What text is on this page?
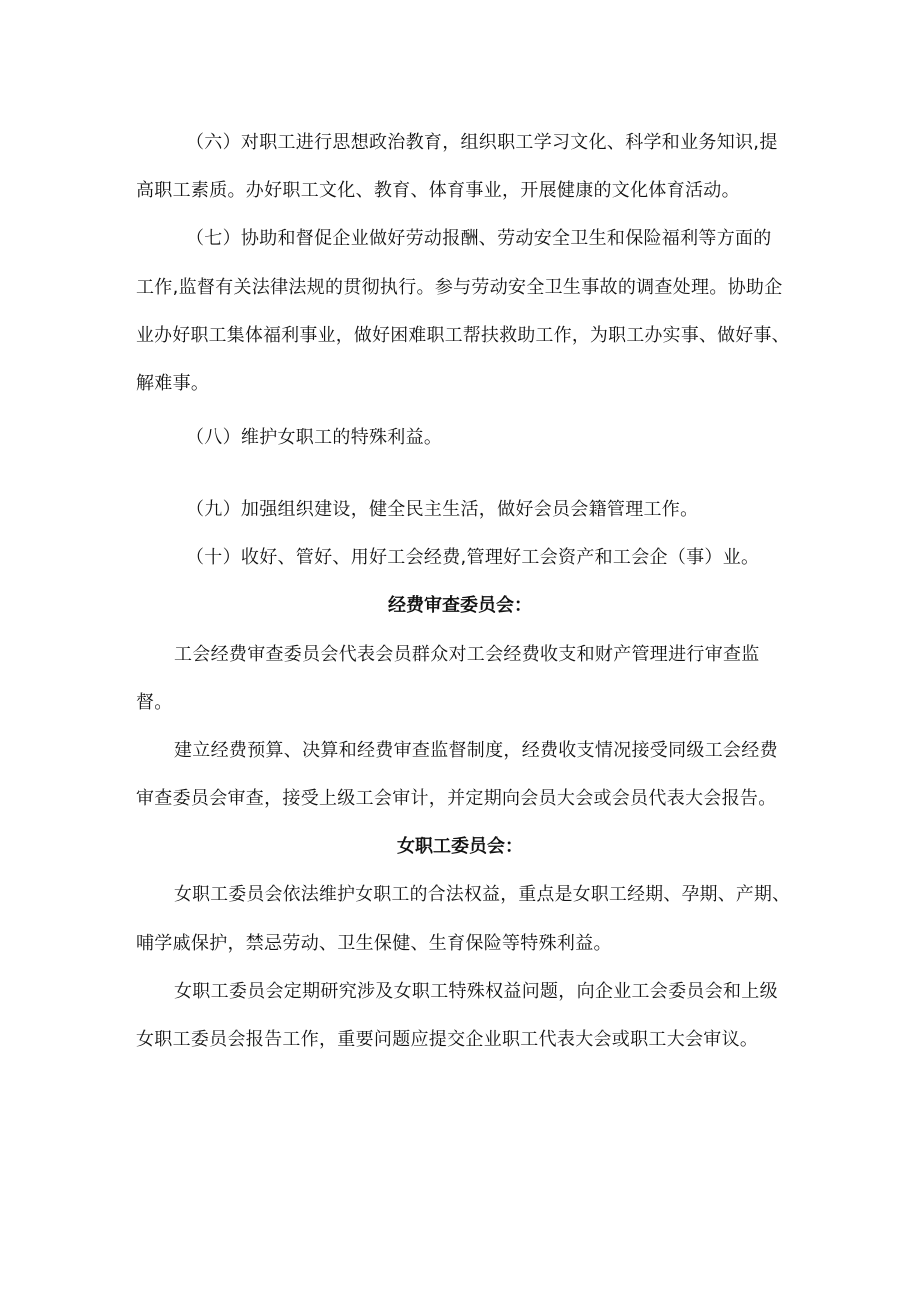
（六）对职工进行思想政治教育，组织职工学习文化、科学和业务知识,提
高职工素质。办好职工文化、教育、体育事业，开展健康的文化体育活动。
（七）协助和督促企业做好劳动报酬、劳动安全卫生和保险福利等方面的
工作,监督有关法律法规的贯彻执行。参与劳动安全卫生事故的调查处理。协助企
业办好职工集体福利事业，做好困难职工帮扶救助工作，为职工办实事、做好事、
解难事。
（八）维护女职工的特殊利益。
（九）加强组织建设，健全民主生活，做好会员会籍管理工作。
（十）收好、管好、用好工会经费,管理好工会资产和工会企（事）业。
经费审查委员会：
工会经费审查委员会代表会员群众对工会经费收支和财产管理进行审查监
督。
建立经费预算、决算和经费审查监督制度，经费收支情况接受同级工会经费
审查委员会审查，接受上级工会审计，并定期向会员大会或会员代表大会报告。
女职工委员会：
女职工委员会依法维护女职工的合法权益，重点是女职工经期、孕期、产期、
哺学戚保护，禁忌劳动、卫生保健、生育保险等特殊利益。
女职工委员会定期研究涉及女职工特殊权益问题，向企业工会委员会和上级
女职工委员会报告工作，重要问题应提交企业职工代表大会或职工大会审议。
